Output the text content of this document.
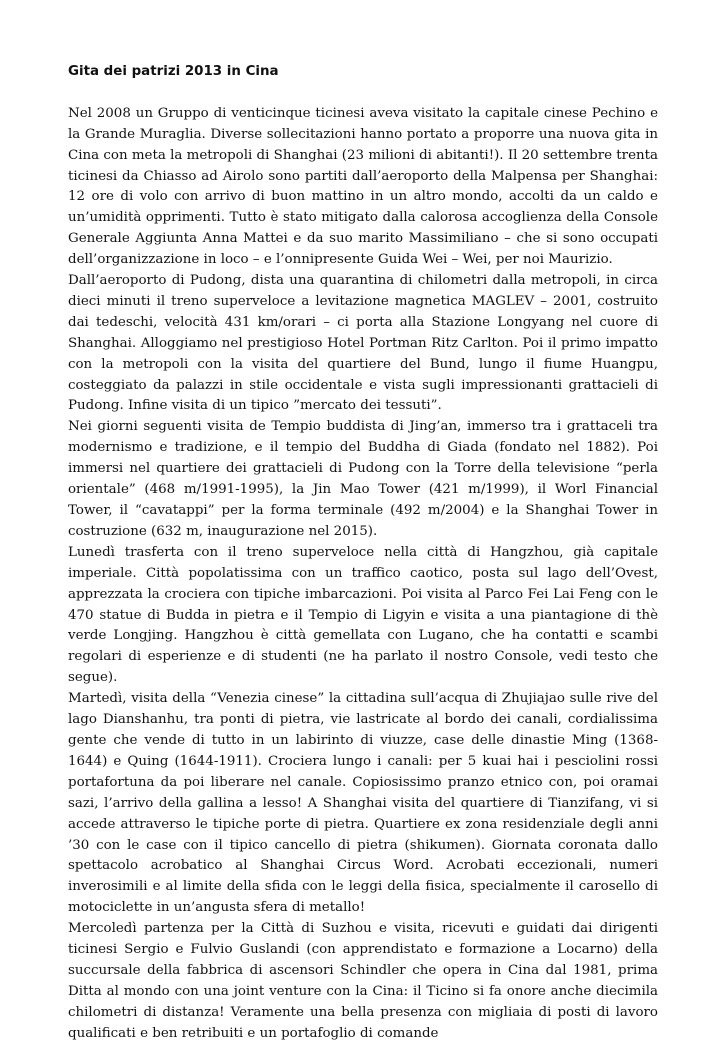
Gita dei patrizi 2013 in Cina

Nel 2008 un Gruppo di venticinque ticinesi aveva visitato la capitale cinese Pechino e la Grande Muraglia. Diverse sollecitazioni hanno portato a proporre una nuova gita in Cina con meta la metropoli di Shanghai (23 milioni di abitanti!). Il 20 settembre trenta ticinesi da Chiasso ad Airolo sono partiti dall’aeroporto della Malpensa per Shanghai: 12 ore di volo con arrivo di buon mattino in un altro mondo, accolti da un caldo e un’umidità opprimenti. Tutto è stato mitigato dalla calorosa accoglienza della Console Generale Aggiunta Anna Mattei e da suo marito Massimiliano – che si sono occupati dell’organizzazione in loco – e l’onnipresente Guida Wei – Wei, per noi Maurizio.

Dall’aeroporto di Pudong, dista una quarantina di chilometri dalla metropoli, in circa dieci minuti il treno superveloce a levitazione magnetica MAGLEV – 2001, costruito dai tedeschi, velocità 431 km/orari – ci porta alla Stazione Longyang nel cuore di Shanghai. Alloggiamo nel prestigioso Hotel Portman Ritz Carlton. Poi il primo impatto con la metropoli con la visita del quartiere del Bund, lungo il fiume Huangpu, costeggiato da palazzi in stile occidentale e vista sugli impressionanti grattacieli di Pudong. Infine visita di un tipico ”mercato dei tessuti”.

Nei giorni seguenti visita de Tempio buddista di Jing’an, immerso tra i grattaceli tra modernismo e tradizione, e il tempio del Buddha di Giada (fondato nel 1882). Poi immersi nel quartiere dei grattacieli di Pudong con la Torre della televisione “perla orientale” (468 m/1991-1995), la Jin Mao Tower (421 m/1999), il Worl Financial Tower, il “cavatappi” per la forma terminale (492 m/2004) e la Shanghai Tower in costruzione (632 m, inaugurazione nel 2015).

Lunedì trasferta con il treno superveloce nella città di Hangzhou, già capitale imperiale. Città popolatissima con un traffico caotico, posta sul lago dell’Ovest, apprezzata la crociera con tipiche imbarcazioni. Poi visita al Parco Fei Lai Feng con le 470 statue di Budda in pietra e il Tempio di Ligyin e visita a una piantagione di thè verde Longjing. Hangzhou è città gemellata con Lugano, che ha contatti e scambi regolari di esperienze e di studenti (ne ha parlato il nostro Console, vedi testo che segue).

Martedì, visita della “Venezia cinese” la cittadina sull’acqua di Zhujiajao sulle rive del lago Dianshanhu, tra ponti di pietra, vie lastricate al bordo dei canali, cordialissima gente che vende di tutto in un labirinto di viuzze, case delle dinastie Ming (1368-1644) e Quing (1644-1911). Crociera lungo i canali: per 5 kuai hai i pesciolini rossi portafortuna da poi liberare nel canale. Copiosissimo pranzo etnico con, poi oramai sazi, l’arrivo della gallina a lesso! A Shanghai visita del quartiere di Tianzifang, vi si accede attraverso le tipiche porte di pietra. Quartiere ex zona residenziale degli anni ’30 con le case con il tipico cancello di pietra (shikumen). Giornata coronata dallo spettacolo acrobatico al Shanghai Circus Word. Acrobati eccezionali, numeri inverosimili e al limite della sfida con le leggi della fisica, specialmente il carosello di motociclette in un’angusta sfera di metallo!

Mercoledì partenza per la Città di Suzhou e visita, ricevuti e guidati dai dirigenti ticinesi Sergio e Fulvio Guslandi (con apprendistato e formazione a Locarno) della succursale della fabbrica di ascensori Schindler che opera in Cina dal 1981, prima Ditta al mondo con una joint venture con la Cina: il Ticino si fa onore anche diecimila chilometri di distanza! Veramente una bella presenza con migliaia di posti di lavoro qualificati e ben retribuiti e un portafoglio di comande
